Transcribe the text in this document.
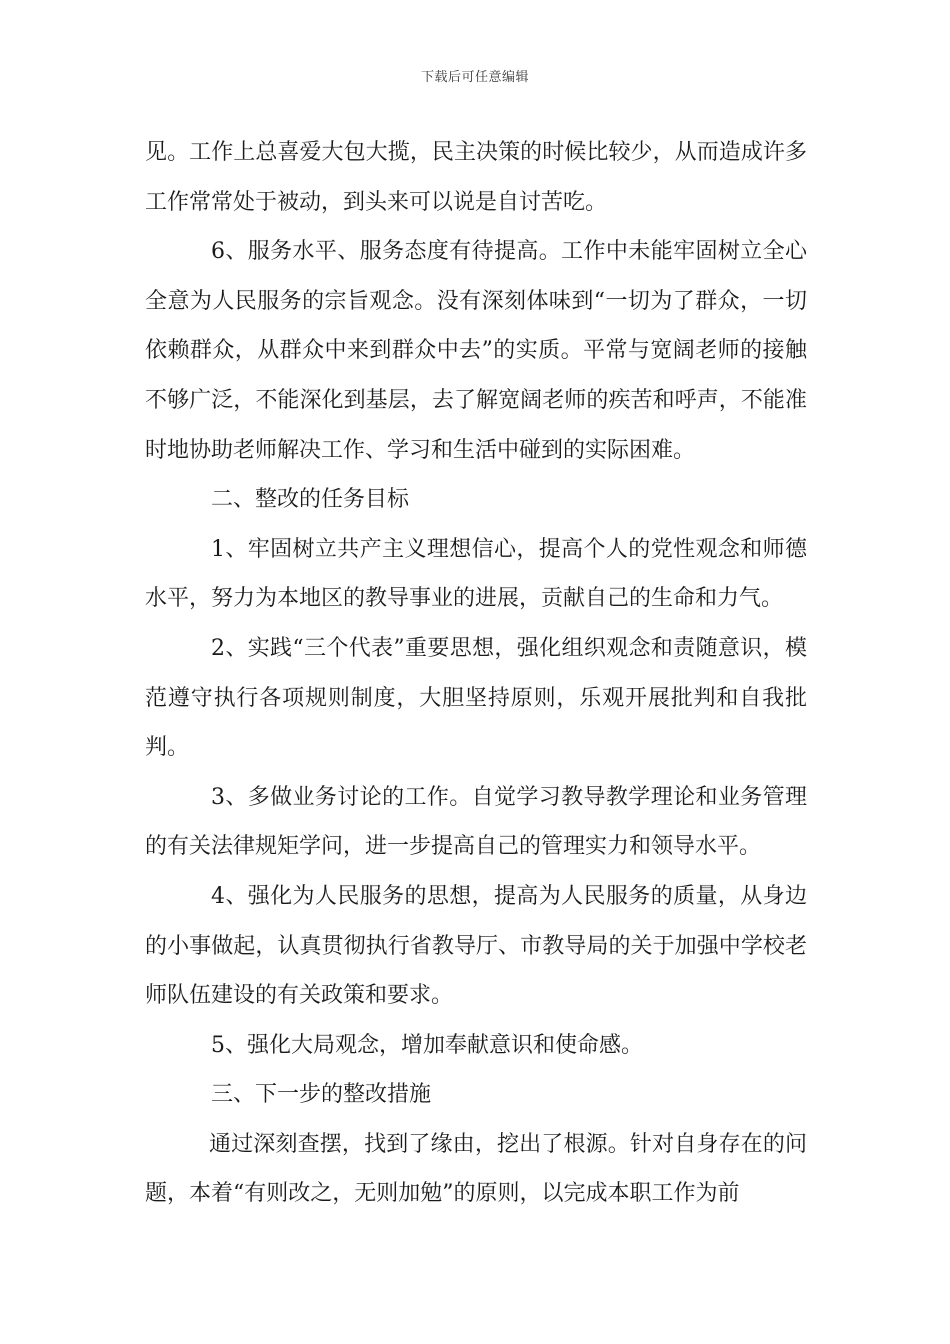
下载后可任意编辑

见。工作上总喜爱大包大揽，民主决策的时候比较少，从而造成许多工作常常处于被动，到头来可以说是自讨苦吃。

6、服务水平、服务态度有待提高。工作中未能牢固树立全心全意为人民服务的宗旨观念。没有深刻体味到“一切为了群众，一切依赖群众，从群众中来到群众中去”的实质。平常与宽阔老师的接触不够广泛，不能深化到基层，去了解宽阔老师的疾苦和呼声，不能准时地协助老师解决工作、学习和生活中碰到的实际困难。

二、整改的任务目标

1、牢固树立共产主义理想信心，提高个人的党性观念和师德水平，努力为本地区的教导事业的进展，贡献自己的生命和力气。

2、实践“三个代表”重要思想，强化组织观念和责随意识，模范遵守执行各项规则制度，大胆坚持原则，乐观开展批判和自我批判。

3、多做业务讨论的工作。自觉学习教导教学理论和业务管理的有关法律规矩学问，进一步提高自己的管理实力和领导水平。

4、强化为人民服务的思想，提高为人民服务的质量，从身边的小事做起，认真贯彻执行省教导厅、市教导局的关于加强中学校老师队伍建设的有关政策和要求。

5、强化大局观念，增加奉献意识和使命感。

三、下一步的整改措施

通过深刻查摆，找到了缘由，挖出了根源。针对自身存在的问题，本着“有则改之，无则加勉”的原则，以完成本职工作为前
